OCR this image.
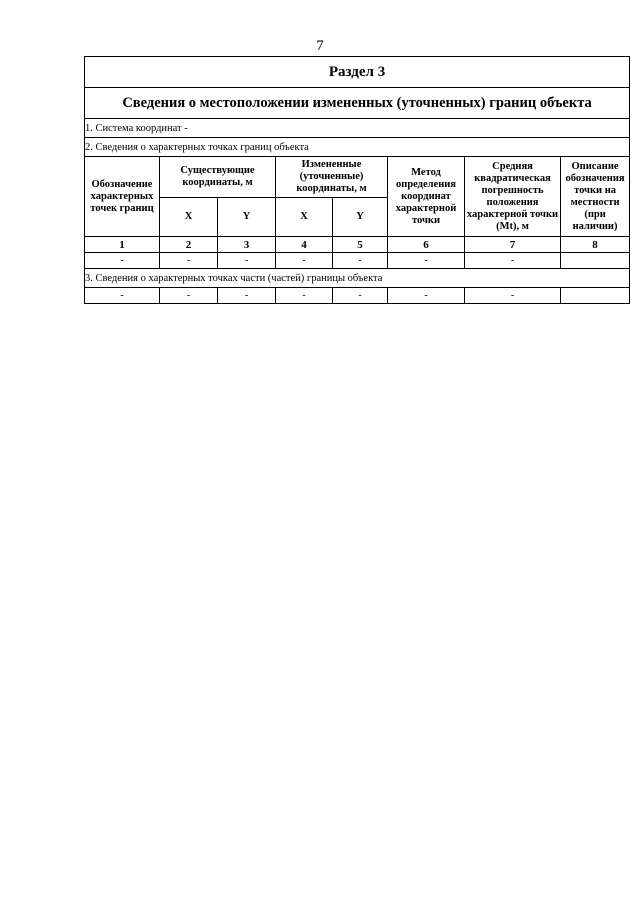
7
Раздел 3							
Сведения о местоположении измененных (уточненных) границ объекта							
1. Система координат -							
2. Сведения о характерных точках границ объекта							
Обозначение характерных точек границ	Существующие координаты, м		Измененные (уточненные) координаты, м		Метод определения координат характерной точки	Средняя квадратическая погрешность положения характерной точки (Mt), м	Описание обозначения точки на местности (при наличии)
	X	Y	X	Y			
1	2	3	4	5	6	7	8
-	-	-	-	-	-	-	
3. Сведения о характерных точках части (частей) границы объекта							
-	-	-	-	-	-	-	
